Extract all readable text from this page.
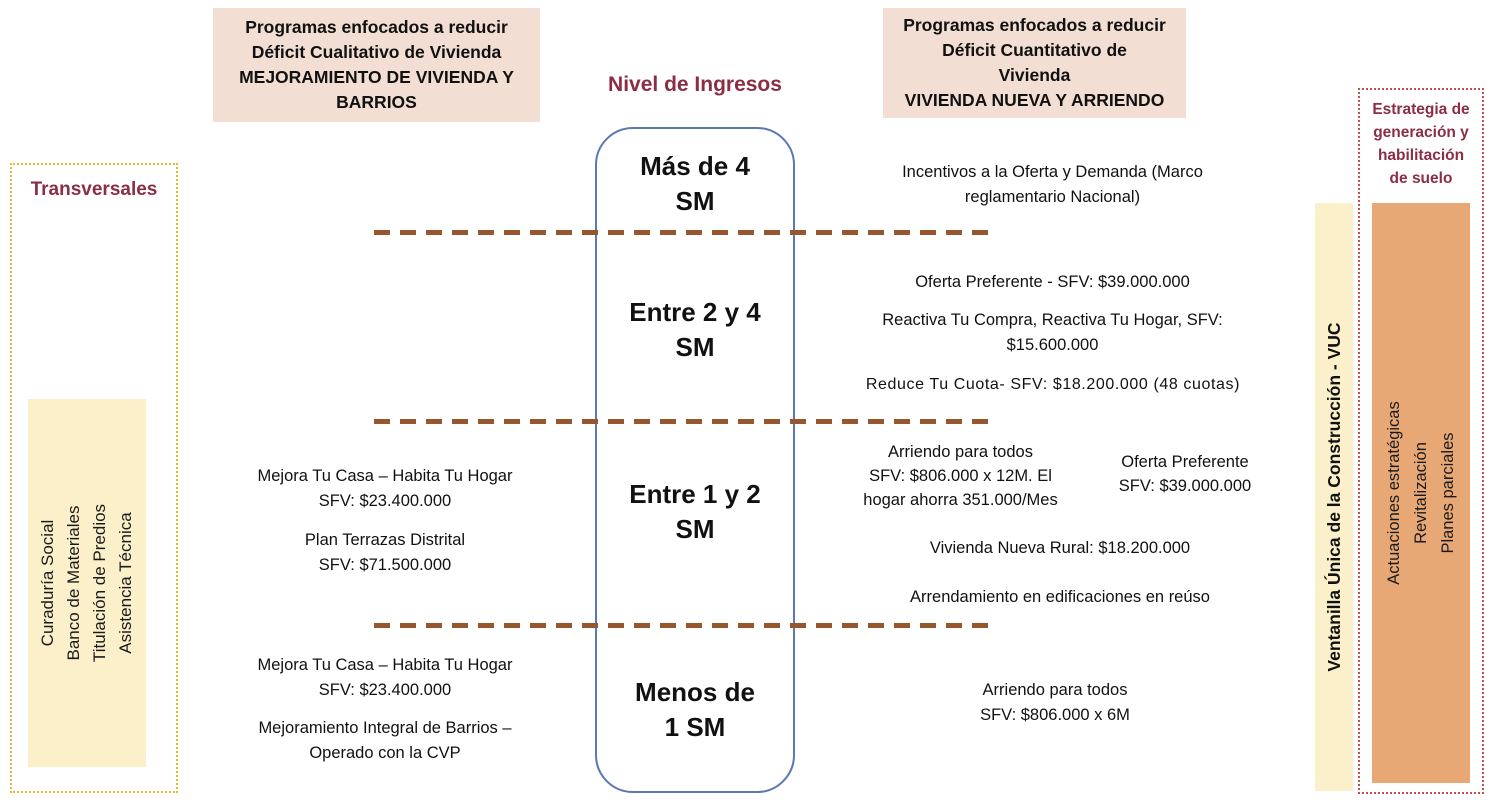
Transversales
Curaduría Social Banco de Materiales Titulación de Predios Asistencia Técnica
Programas enfocados a reducir
Déficit Cualitativo de Vivienda
MEJORAMIENTO DE VIVIENDA Y
BARRIOS
Programas enfocados a reducir
Déficit Cuantitativo de
Vivienda
VIVIENDA NUEVA Y ARRIENDO
Nivel de Ingresos
Más de 4
SM
Entre 2 y 4
SM
Entre 1 y 2
SM
Menos de
1 SM
Incentivos a la Oferta y Demanda (Marco
reglamentario Nacional)
Oferta Preferente - SFV: $39.000.000
Reactiva Tu Compra, Reactiva Tu Hogar, SFV:
$15.600.000
Reduce Tu Cuota- SFV: $18.200.000 (48 cuotas)
Mejora Tu Casa – Habita Tu Hogar
SFV: $23.400.000
Plan Terrazas Distrital
SFV: $71.500.000
Arriendo para todos
SFV: $806.000 x 12M. El
hogar ahorra 351.000/Mes
Oferta Preferente
SFV: $39.000.000
Vivienda Nueva Rural: $18.200.000
Arrendamiento en edificaciones en reúso
Mejora Tu Casa – Habita Tu Hogar
SFV: $23.400.000
Mejoramiento Integral de Barrios –
Operado con la CVP
Arriendo para todos
SFV: $806.000 x 6M
Ventanilla Única de la Construcción - VUC
Estrategia de
generación y
habilitación
de suelo
Actuaciones estratégicas Revitalización Planes parciales
